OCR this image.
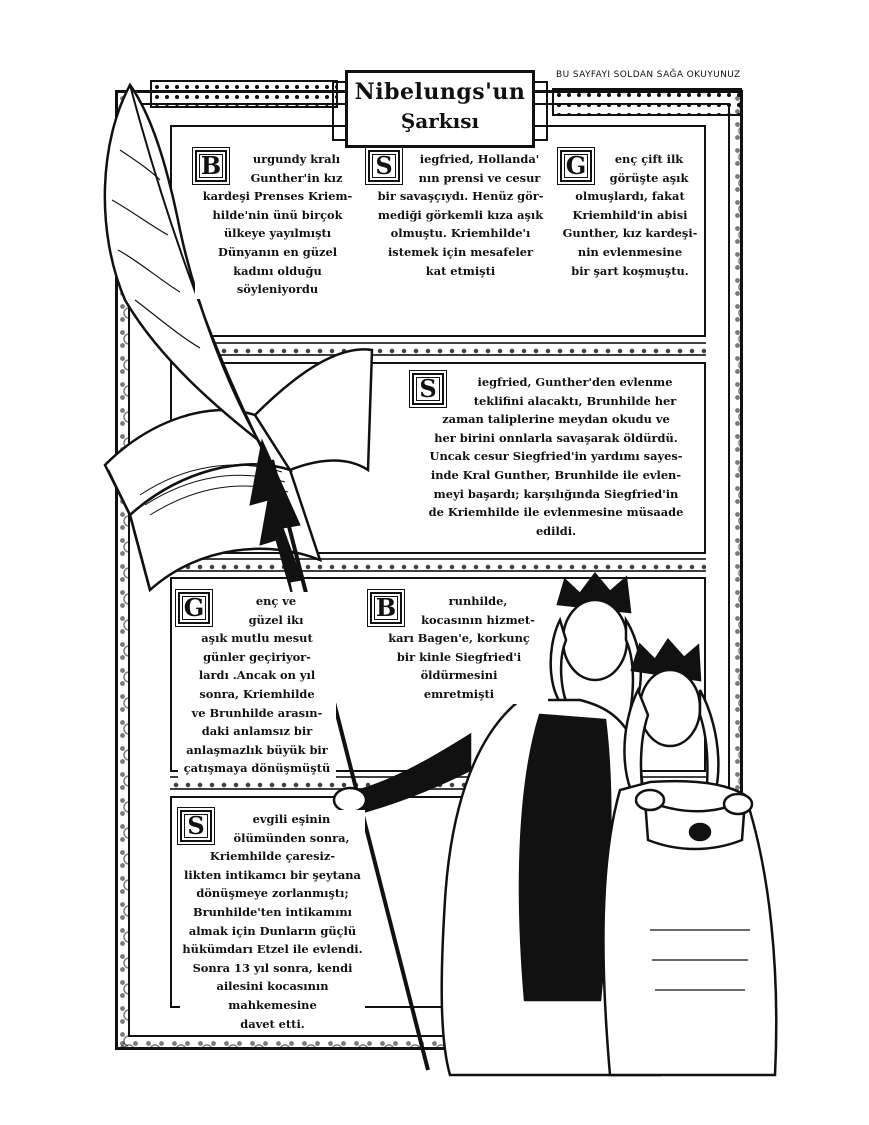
Nibelungs'un
Şarkısı
BU SAYFAYI SOLDAN SAĞA OKUYUNUZ
B	urgundy kralı
Gunther'in kız
kardeşi Prenses Kriem-
hilde'nin ünü birçok
ülkeye yayılmıştı
Dünyanın en güzel
kadını olduğu
söyleniyordu
S	iegfried, Hollanda'
nın prensi ve cesur
bir savaşçıydı. Henüz gör-
mediği görkemli kıza aşık
olmuştu. Kriemhilde'ı
istemek için mesafeler
kat etmişti
G	enç çift ilk
görüşte aşık
olmuşlardı, fakat
Kriemhild'in abisi
Gunther, kız kardeşi-
nin evlenmesine
bir şart koşmuştu.
S	iegfried, Gunther'den evlenme
teklifini alacaktı, Brunhilde her
zaman taliplerine meydan okudu ve
her birini onnlarla savaşarak öldürdü.
Uncak cesur Siegfried'in yardımı sayes-
inde Kral Gunther, Brunhilde ile evlen-
meyi başardı; karşılığında Siegfried'in
de Kriemhilde ile evlenmesine müsaade
edildi.
G	enç ve
güzel ikı
aşık mutlu mesut
günler geçiriyor-
lardı .Ancak on yıl
sonra, Kriemhilde
ve Brunhilde arasın-
daki anlamsız bir
anlaşmazlık büyük bir
çatışmaya dönüşmüştü
B	runhilde,
kocasının hizmet-
karı Bagen'e, korkunç
bir kinle Siegfried'i
öldürmesini
emretmişti
S	evgili eşinin
ölümünden sonra,
Kriemhilde çaresiz-
likten intikamcı bir şeytana
dönüşmeye zorlanmıştı;
Brunhilde'ten intikamını
almak için Dunların güçlü
hükümdarı Etzel ile evlendi.
Sonra 13 yıl sonra, kendi
ailesini kocasının mahkemesine
davet etti.
